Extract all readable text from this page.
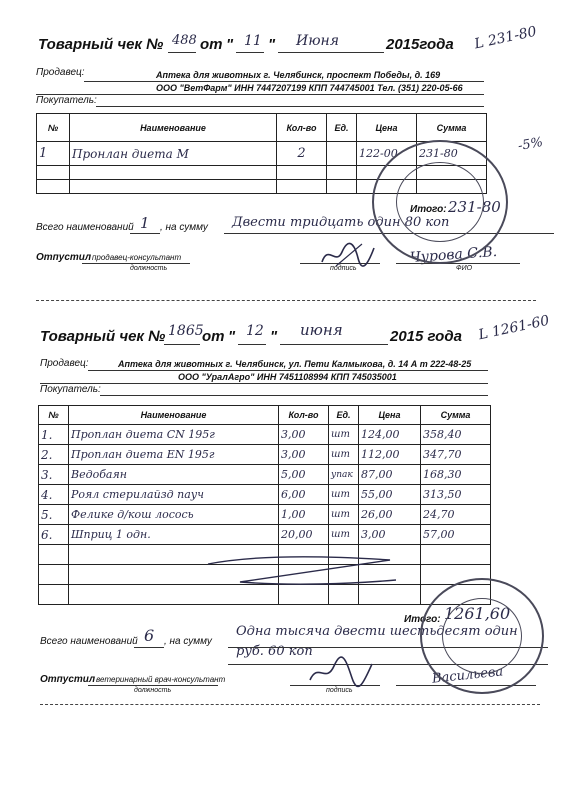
Товарный чек № 488 от " 11 " Июня	2015года L 231-80
Продавец:	Аптека для животных г. Челябинск, проспект Победы, д. 169
ООО "ВетФарм" ИНН 7447207199 КПП 744745001 Тел. (351) 220-05-66
Покупатель:
№	Наименование	Кол-во	Ед.	Цена	Сумма
1	Пронлан диета М	2		122-00	231-80

						-5%
Итого: 231-80
Всего наименований 1 , на сумму Двести тридцать один 80 коп
Отпустил продавец-консультант
должность	подпись
Чурова С.В.
ФИО
Товарный чек № 1865
от " 12 " июня	2015 года L 1261-60
Продавец:	Аптека для животных г. Челябинск, ул. Пети Калмыкова, д. 14 А т 222-48-25
ООО "УралАгро" ИНН 7451108994 КПП 745035001
Покупатель:
№	Наименование	Кол-во	Ед.	Цена	Сумма
1.	Проплан диета CN 195г	3,00	шт	124,00	358,40
2.	Проплан диета EN 195г	3,00	шт	112,00	347,70
3.	Ведобаян	5,00	упак	87,00	168,30
4.	Роял стерилайзд пауч	6,00	шт	55,00	313,50
5.	Фелике д/кош лосось	1,00	шт	26,00	24,70
6.	Шприц 1 одн.	20,00	шт	3,00	57,00

Итого: 1261,60
Всего наименований 6 , на сумму
Одна тысяча двести шестьдесят один руб. 60 коп
Отпустил ветеринарный врач-консультант
должность	подпись
Васильева
